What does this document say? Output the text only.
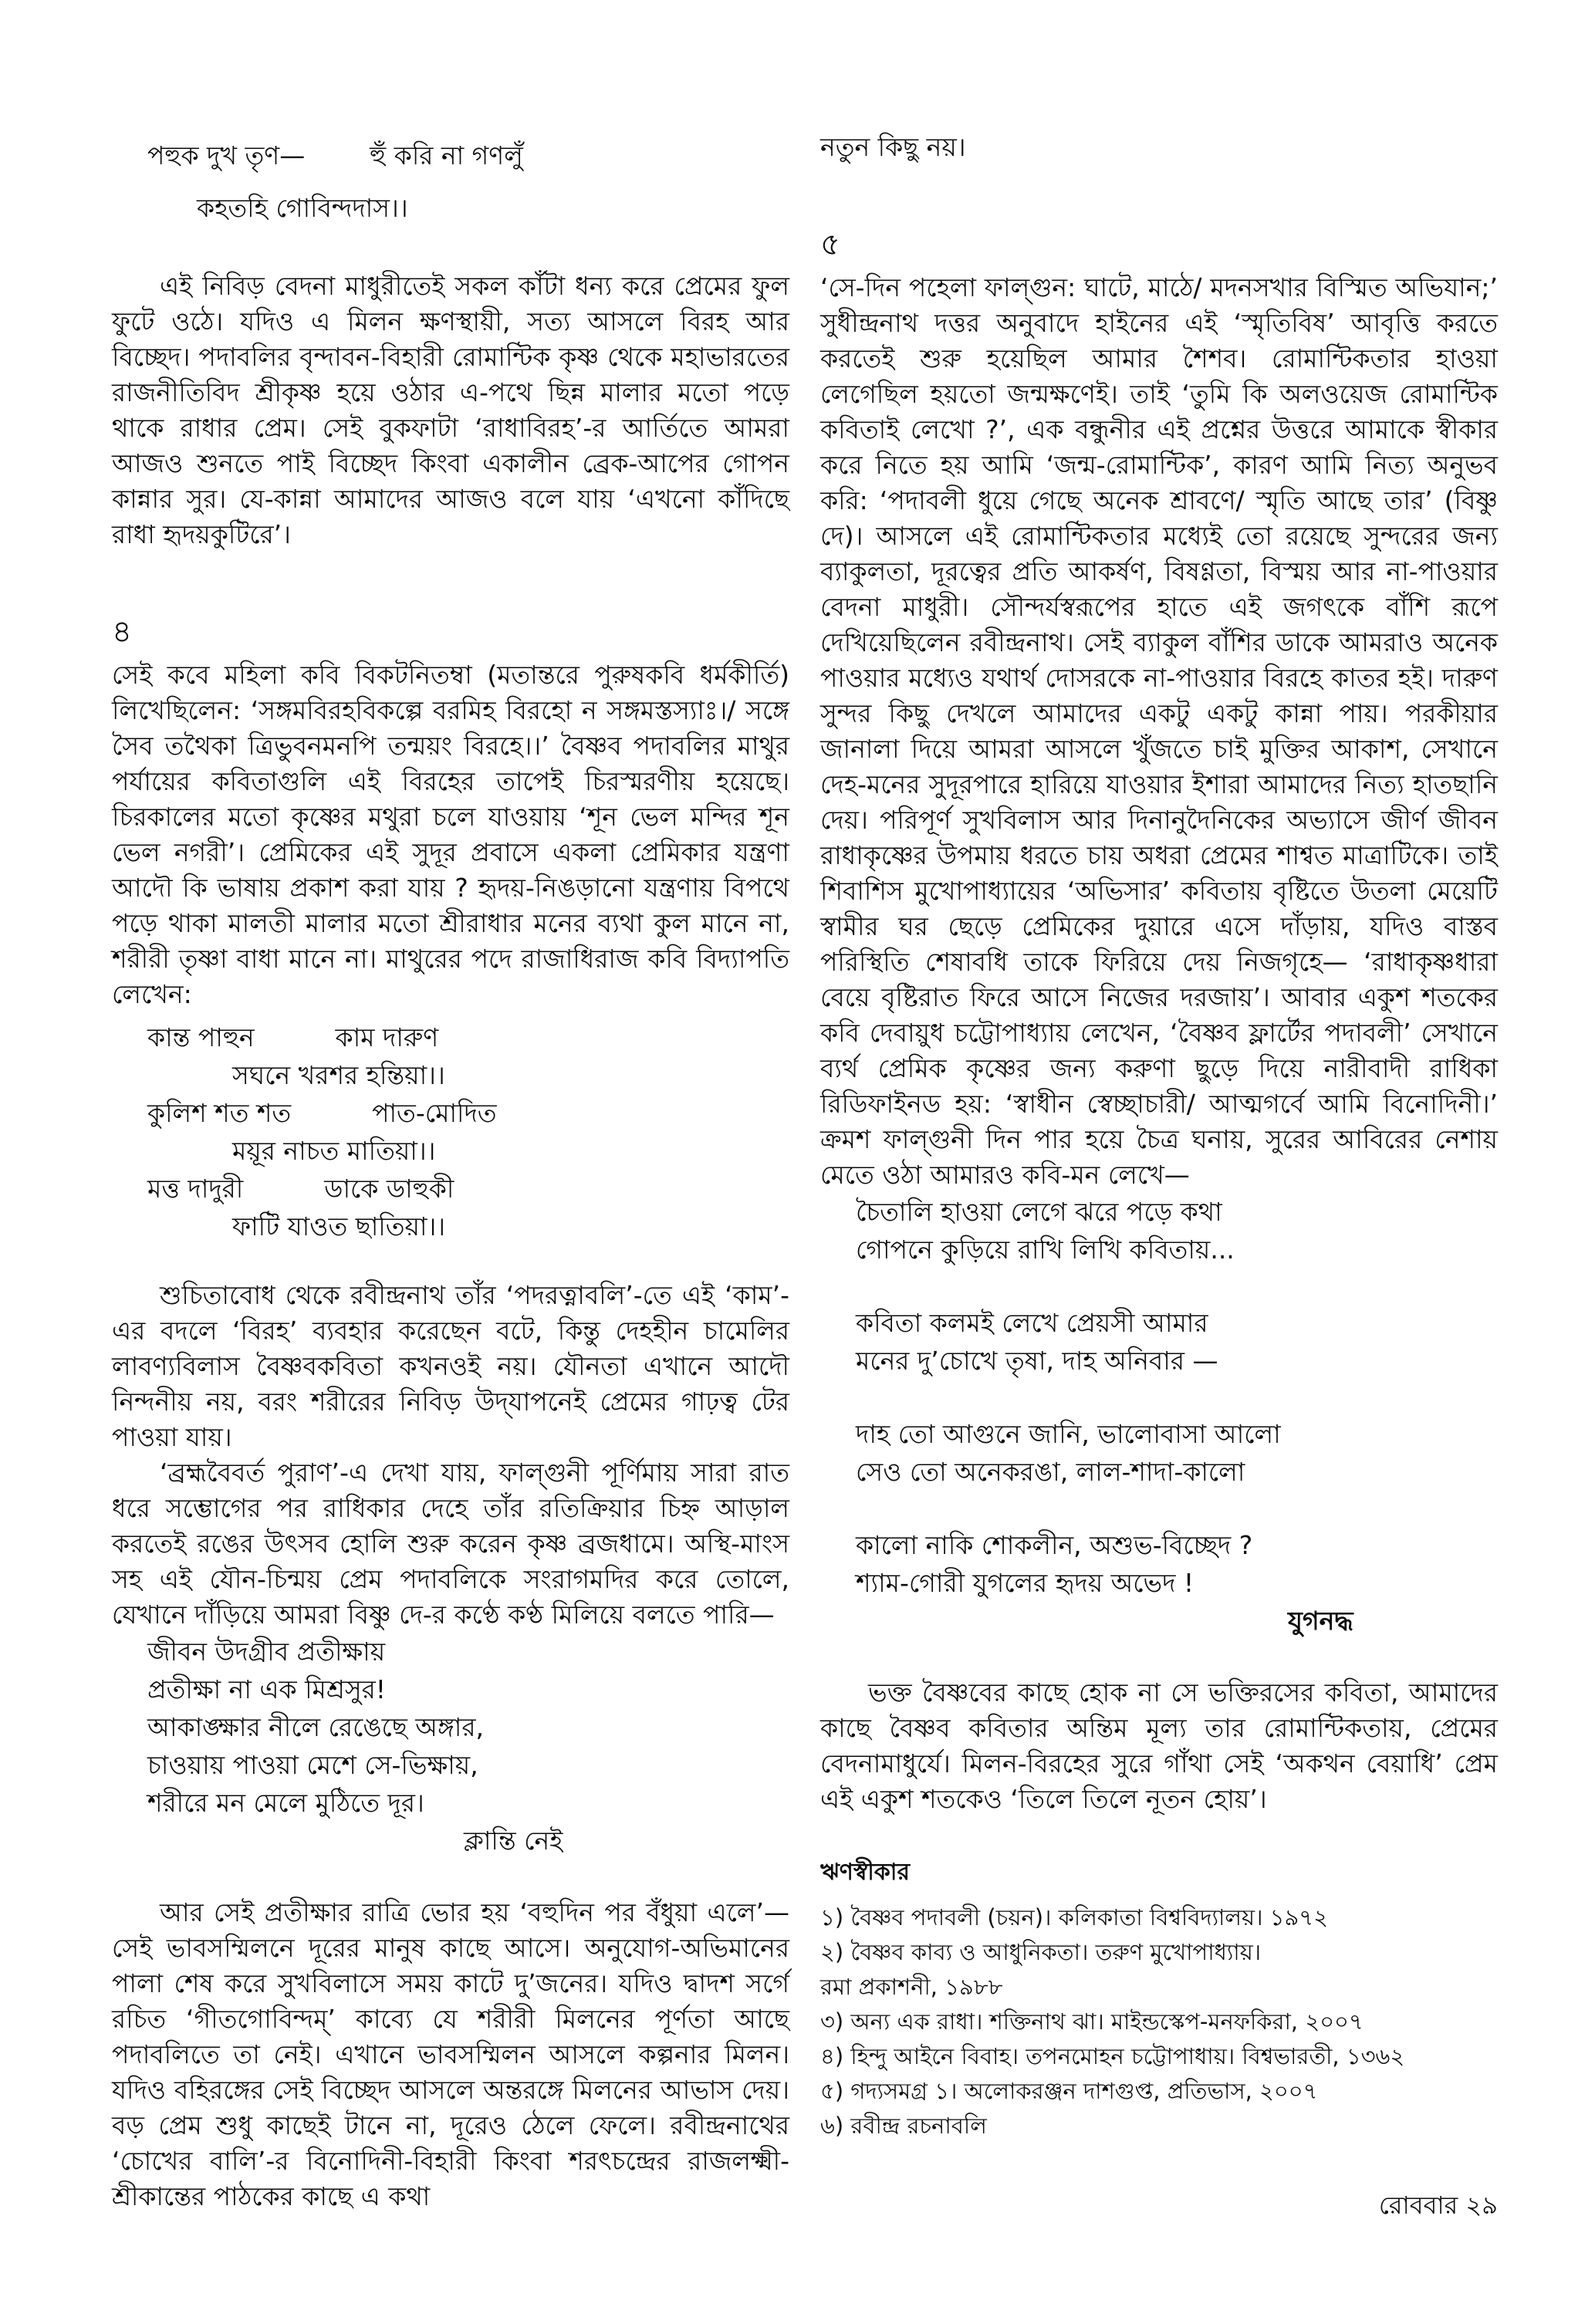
পহুক দুখ তৃণ—        হুঁ করি না গণলুঁ
কহতহি গোবিন্দদাস।।

এই নিবিড় বেদনা মাধুরীতেই সকল কাঁটা ধন্য করে প্রেমের ফুল ফুটে ওঠে। যদিও এ মিলন ক্ষণস্থায়ী, সত্য আসলে বিরহ আর বিচ্ছেদ। পদাবলির বৃন্দাবন-বিহারী রোমান্টিক কৃষ্ণ থেকে মহাভারতের রাজনীতিবিদ শ্রীকৃষ্ণ হয়ে ওঠার এ-পথে ছিন্ন মালার মতো পড়ে থাকে রাধার প্রেম। সেই বুকফাটা ‘রাধাবিরহ’-র আর্তিতে আমরা আজও শুনতে পাই বিচ্ছেদ কিংবা একালীন ব্রেক-আপের গোপন কান্নার সুর। যে-কান্না আমাদের আজও বলে যায় ‘এখনো কাঁদিছে রাধা হৃদয়কুটিরে’।

৪

সেই কবে মহিলা কবি বিকটনিতম্বা (মতান্তরে পুরুষকবি ধর্মকীর্তি) লিখেছিলেন: ‘সঙ্গমবিরহবিকল্পে বরমিহ বিরহো ন সঙ্গমস্তস্যাঃ।/ সঙ্গে সৈব তথৈকা ত্রিভুবনমনপি তন্ময়ং বিরহে।।’ বৈষ্ণব পদাবলির মাথুর পর্যায়ের কবিতাগুলি এই বিরহের তাপেই চিরস্মরণীয় হয়েছে। চিরকালের মতো কৃষ্ণের মথুরা চলে যাওয়ায় ‘শূন ভেল মন্দির শূন ভেল নগরী’। প্রেমিকের এই সুদূর প্রবাসে একলা প্রেমিকার যন্ত্রণা আদৌ কি ভাষায় প্রকাশ করা যায় ? হৃদয়-নিঙড়ানো যন্ত্রণায় বিপথে পড়ে থাকা মালতী মালার মতো শ্রীরাধার মনের ব্যথা কুল মানে না, শরীরী তৃষ্ণা বাধা মানে না। মাথুরের পদে রাজাধিরাজ কবি বিদ্যাপতি লেখেন:

কান্ত পাহুন          কাম দারুণ
সঘনে খরশর হন্তিয়া।।
কুলিশ শত শত          পাত-মোদিত
ময়ূর নাচত মাতিয়া।।
মত্ত দাদুরী          ডাকে ডাহুকী
ফাটি যাওত ছাতিয়া।।

শুচিতাবোধ থেকে রবীন্দ্রনাথ তাঁর ‘পদরত্নাবলি’-তে এই ‘কাম’-এর বদলে ‘বিরহ’ ব্যবহার করেছেন বটে, কিন্তু দেহহীন চামেলির লাবণ্যবিলাস বৈষ্ণবকবিতা কখনওই নয়। যৌনতা এখানে আদৌ নিন্দনীয় নয়, বরং শরীরের নিবিড় উদ্‌যাপনেই প্রেমের গাঢ়ত্ব টের পাওয়া যায়।

‘ব্রহ্মবৈবর্ত পুরাণ’-এ দেখা যায়, ফাল্গুনী পূর্ণিমায় সারা রাত ধরে সম্ভোগের পর রাধিকার দেহে তাঁর রতিক্রিয়ার চিহ্ন আড়াল করতেই রঙের উৎসব হোলি শুরু করেন কৃষ্ণ ব্রজধামে। অস্থি-মাংস সহ এই যৌন-চিন্ময় প্রেম পদাবলিকে সংরাগমদির করে তোলে, যেখানে দাঁড়িয়ে আমরা বিষ্ণু দে-র কণ্ঠে কণ্ঠ মিলিয়ে বলতে পারি—

জীবন উদগ্রীব প্রতীক্ষায়
প্রতীক্ষা না এক মিশ্রসুর!
আকাঙ্ক্ষার নীলে রেঙেছে অঙ্গার,
চাওয়ায় পাওয়া মেশে সে-ভিক্ষায়,
শরীরে মন মেলে মুঠিতে দূর।
ক্লান্তি নেই

আর সেই প্রতীক্ষার রাত্রি ভোর হয় ‘বহুদিন পর বঁধুয়া এলে’— সেই ভাবসম্মিলনে দূরের মানুষ কাছে আসে। অনুযোগ-অভিমানের পালা শেষ করে সুখবিলাসে সময় কাটে দু’জনের। যদিও দ্বাদশ সর্গে রচিত ‘গীতগোবিন্দম্‌’ কাব্যে যে শরীরী মিলনের পূর্ণতা আছে পদাবলিতে তা নেই। এখানে ভাবসম্মিলন আসলে কল্পনার মিলন। যদিও বহিরঙ্গের সেই বিচ্ছেদ আসলে অন্তরঙ্গে মিলনের আভাস দেয়। বড় প্রেম শুধু কাছেই টানে না, দূরেও ঠেলে ফেলে। রবীন্দ্রনাথের ‘চোখের বালি’-র বিনোদিনী-বিহারী কিংবা শরৎচন্দ্রের রাজলক্ষ্মী-শ্রীকান্তের পাঠকের কাছে এ কথা

নতুন কিছু নয়।

৫

‘সে-দিন পহেলা ফাল্গুন: ঘাটে, মাঠে/ মদনসখার বিস্মিত অভিযান;’ সুধীন্দ্রনাথ দত্তর অনুবাদে হাইনের এই ‘স্মৃতিবিষ’ আবৃত্তি করতে করতেই শুরু হয়েছিল আমার শৈশব। রোমান্টিকতার হাওয়া লেগেছিল হয়তো জন্মক্ষণেই। তাই ‘তুমি কি অলওয়েজ রোমান্টিক কবিতাই লেখো ?’, এক বন্ধুনীর এই প্রশ্নের উত্তরে আমাকে স্বীকার করে নিতে হয় আমি ‘জন্ম-রোমান্টিক’, কারণ আমি নিত্য অনুভব করি: ‘পদাবলী ধুয়ে গেছে অনেক শ্রাবণে/ স্মৃতি আছে তার’ (বিষ্ণু দে)। আসলে এই রোমান্টিকতার মধ্যেই তো রয়েছে সুন্দরের জন্য ব্যাকুলতা, দূরত্বের প্রতি আকর্ষণ, বিষণ্ণতা, বিস্ময় আর না-পাওয়ার বেদনা মাধুরী। সৌন্দর্যস্বরূপের হাতে এই জগৎকে বাঁশি রূপে দেখিয়েছিলেন রবীন্দ্রনাথ। সেই ব্যাকুল বাঁশির ডাকে আমরাও অনেক পাওয়ার মধ্যেও যথার্থ দোসরকে না-পাওয়ার বিরহে কাতর হই। দারুণ সুন্দর কিছু দেখলে আমাদের একটু একটু কান্না পায়। পরকীয়ার জানালা দিয়ে আমরা আসলে খুঁজতে চাই মুক্তির আকাশ, সেখানে দেহ-মনের সুদূরপারে হারিয়ে যাওয়ার ইশারা আমাদের নিত্য হাতছানি দেয়। পরিপূর্ণ সুখবিলাস আর দিনানুদৈনিকের অভ্যাসে জীর্ণ জীবন রাধাকৃষ্ণের উপমায় ধরতে চায় অধরা প্রেমের শাশ্বত মাত্রাটিকে। তাই শিবাশিস মুখোপাধ্যায়ের ‘অভিসার’ কবিতায় বৃষ্টিতে উতলা মেয়েটি স্বামীর ঘর ছেড়ে প্রেমিকের দুয়ারে এসে দাঁড়ায়, যদিও বাস্তব পরিস্থিতি শেষাবধি তাকে ফিরিয়ে দেয় নিজগৃহে— ‘রাধাকৃষ্ণধারা বেয়ে বৃষ্টিরাত ফিরে আসে নিজের দরজায়’। আবার একুশ শতকের কবি দেবায়ুধ চট্টোপাধ্যায় লেখেন, ‘বৈষ্ণব ফ্লার্টের পদাবলী’ সেখানে ব্যর্থ প্রেমিক কৃষ্ণের জন্য করুণা ছুড়ে দিয়ে নারীবাদী রাধিকা রিডিফাইনড হয়: ‘স্বাধীন স্বেচ্ছাচারী/ আত্মগর্বে আমি বিনোদিনী।’ ক্রমশ ফাল্গুনী দিন পার হয়ে চৈত্র ঘনায়, সুরের আবিরের নেশায় মেতে ওঠা আমারও কবি-মন লেখে—

চৈতালি হাওয়া লেগে ঝরে পড়ে কথা
গোপনে কুড়িয়ে রাখি লিখি কবিতায়...
কবিতা কলমই লেখে প্রেয়সী আমার
মনের দু’চোখে তৃষা, দাহ অনিবার —
দাহ তো আগুনে জানি, ভালোবাসা আলো
সেও তো অনেকরঙা, লাল-শাদা-কালো
কালো নাকি শোকলীন, অশুভ-বিচ্ছেদ ?
শ্যাম-গোরী যুগলের হৃদয় অভেদ !
যুগনদ্ধ

ভক্ত বৈষ্ণবের কাছে হোক না সে ভক্তিরসের কবিতা, আমাদের কাছে বৈষ্ণব কবিতার অন্তিম মূল্য তার রোমান্টিকতায়, প্রেমের বেদনামাধুর্যে। মিলন-বিরহের সুরে গাঁথা সেই ‘অকথন বেয়াধি’ প্রেম এই একুশ শতকেও ‘তিলে তিলে নূতন হোয়’।

ঋণস্বীকার
১) বৈষ্ণব পদাবলী (চয়ন)। কলিকাতা বিশ্ববিদ্যালয়। ১৯৭২
২) বৈষ্ণব কাব্য ও আধুনিকতা। তরুণ মুখোপাধ্যায়।
রমা প্রকাশনী, ১৯৮৮
৩) অন্য এক রাধা। শক্তিনাথ ঝা। মাইন্ডস্কেপ-মনফকিরা, ২০০৭
৪) হিন্দু আইনে বিবাহ। তপনমোহন চট্টোপাধায়। বিশ্বভারতী, ১৩৬২
৫) গদ্যসমগ্র ১। অলোকরঞ্জন দাশগুপ্ত, প্রতিভাস, ২০০৭
৬) রবীন্দ্র রচনাবলি
রোববার ২৯
